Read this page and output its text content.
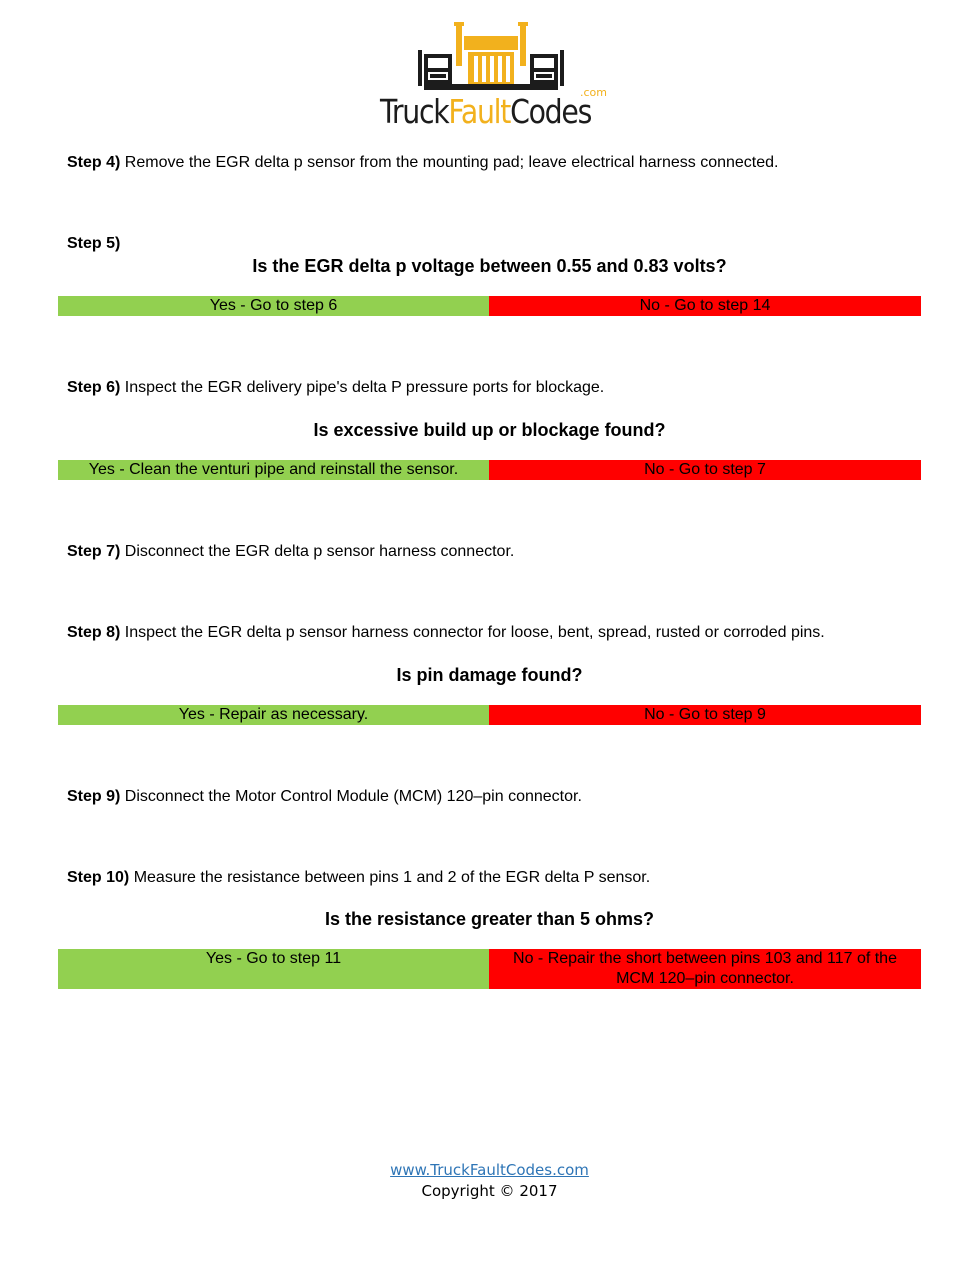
TruckFaultCodes
.com
Step 4) Remove the EGR delta p sensor from the mounting pad; leave electrical harness connected.
Step 5)
Is the EGR delta p voltage between 0.55 and 0.83 volts?
Yes - Go to step 6	No - Go to step 14
Step 6) Inspect the EGR delivery pipe's delta P pressure ports for blockage.
Is excessive build up or blockage found?
Yes - Clean the venturi pipe and reinstall the sensor.	No - Go to step 7
Step 7) Disconnect the EGR delta p sensor harness connector.
Step 8) Inspect the EGR delta p sensor harness connector for loose, bent, spread, rusted or corroded pins.
Is pin damage found?
Yes - Repair as necessary.	No - Go to step 9
Step 9) Disconnect the Motor Control Module (MCM) 120–pin connector.
Step 10) Measure the resistance between pins 1 and 2 of the EGR delta P sensor.
Is the resistance greater than 5 ohms?
Yes - Go to step 11	No - Repair the short between pins 103 and 117 of the MCM 120–pin connector.
www.TruckFaultCodes.com
Copyright © 2017
